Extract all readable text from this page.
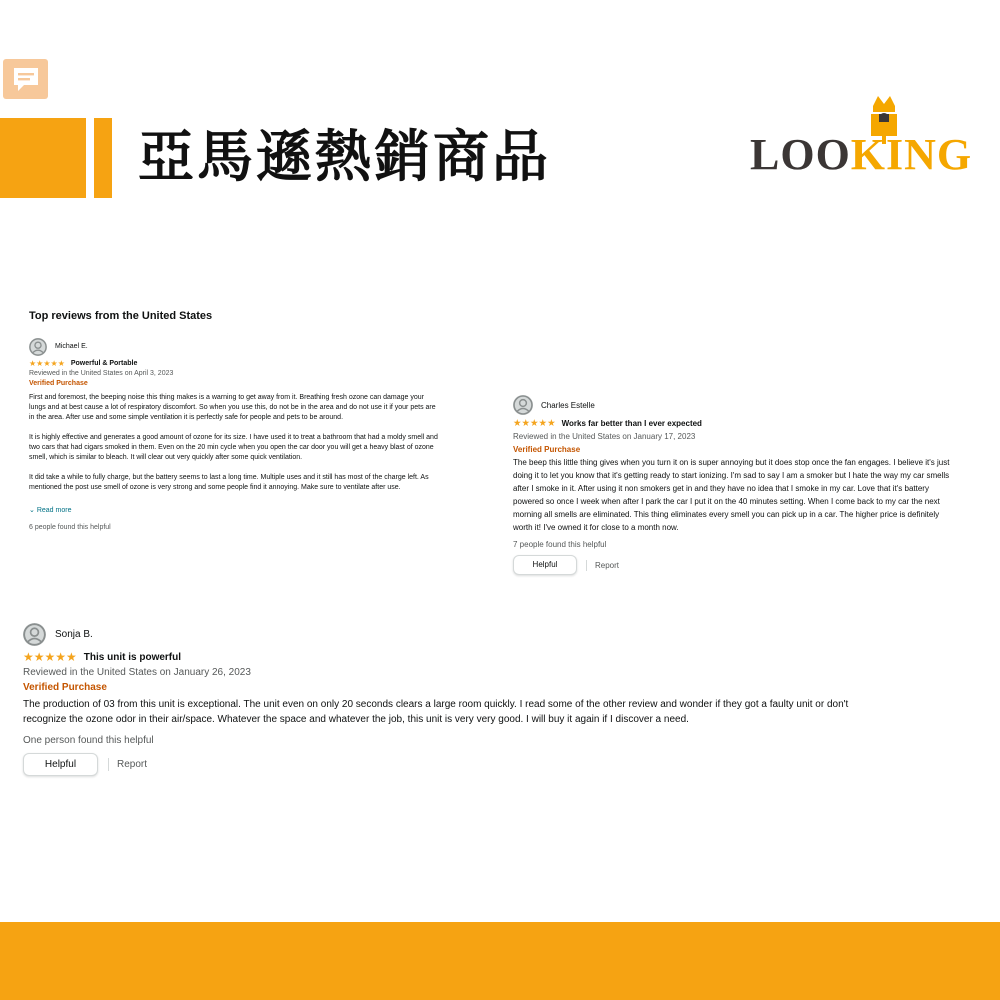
亞馬遜熱銷商品	LOOKING
Top reviews from the United States
Michael E.
★★★★★ Powerful & Portable
Reviewed in the United States on April 3, 2023
Verified Purchase

First and foremost, the beeping noise this thing makes is a warning to get away from it. Breathing fresh ozone can damage your lungs and at best cause a lot of respiratory discomfort. So when you use this, do not be in the area and do not use it if your pets are in the area. After use and some simple ventilation it is perfectly safe for people and pets to be around.

It is highly effective and generates a good amount of ozone for its size. I have used it to treat a bathroom that had a moldy smell and two cars that had cigars smoked in them. Even on the 20 min cycle when you open the car door you will get a heavy blast of ozone smell, which is similar to bleach. It will clear out very quickly after some quick ventilation.

It did take a while to fully charge, but the battery seems to last a long time. Multiple uses and it still has most of the charge left. As mentioned the post use smell of ozone is very strong and some people find it annoying. Make sure to ventilate after use.

⌄ Read more
6 people found this helpful
Charles Estelle
★★★★★ Works far better than I ever expected
Reviewed in the United States on January 17, 2023
Verified Purchase

The beep this little thing gives when you turn it on is super annoying but it does stop once the fan engages. I believe it's just doing it to let you know that it's getting ready to start ionizing. I'm sad to say I am a smoker but I hate the way my car smells after I smoke in it. After using it non smokers get in and they have no idea that I smoke in my car. Love that it's battery powered so once I week when after I park the car I put it on the 40 minutes setting. When I come back to my car the next morning all smells are eliminated. This thing eliminates every smell you can pick up in a car. The higher price is definitely worth it! I've owned it for close to a month now.

7 people found this helpful
Helpful	Report
Sonja B.
★★★★★ This unit is powerful
Reviewed in the United States on January 26, 2023
Verified Purchase

The production of 03 from this unit is exceptional. The unit even on only 20 seconds clears a large room quickly. I read some of the other review and wonder if they got a faulty unit or don't recognize the ozone odor in their air/space. Whatever the space and whatever the job, this unit is very very good. I will buy it again if I discover a need.

One person found this helpful
Helpful	Report
